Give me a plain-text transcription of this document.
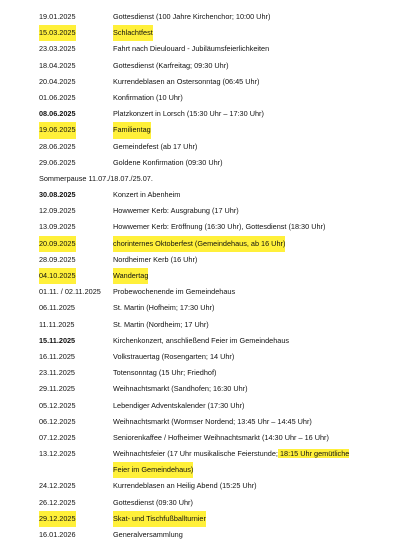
19.01.2025	Gottesdienst (100 Jahre Kirchenchor; 10:00 Uhr)
15.03.2025	Schlachtfest
23.03.2025	Fahrt nach Dieulouard - Jubiläumsfeierlichkeiten
18.04.2025	Gottesdienst (Karfreitag; 09:30 Uhr)
20.04.2025	Kurrendeblasen an Ostersonntag (06:45 Uhr)
01.06.2025	Konfirmation (10 Uhr)
08.06.2025	Platzkonzert in Lorsch (15:30 Uhr – 17:30 Uhr)
19.06.2025	Familientag
28.06.2025	Gemeindefest (ab 17 Uhr)
29.06.2025	Goldene Konfirmation (09:30 Uhr)
Sommerpause 11.07./18.07./25.07.
30.08.2025	Konzert in Abenheim
12.09.2025	Howwemer Kerb: Ausgrabung (17 Uhr)
13.09.2025	Howwemer Kerb: Eröffnung (16:30 Uhr), Gottesdienst (18:30 Uhr)
20.09.2025	chorinternes Oktoberfest (Gemeindehaus, ab 16 Uhr)
28.09.2025	Nordheimer Kerb (16 Uhr)
04.10.2025	Wandertag
01.11. / 02.11.2025 Probewochenende im Gemeindehaus
06.11.2025	St. Martin (Hofheim; 17:30 Uhr)
11.11.2025	St. Martin (Nordheim; 17 Uhr)
15.11.2025	Kirchenkonzert, anschließend Feier im Gemeindehaus
16.11.2025	Volkstrauertag (Rosengarten; 14 Uhr)
23.11.2025	Totensonntag (15 Uhr; Friedhof)
29.11.2025	Weihnachtsmarkt (Sandhofen; 16:30 Uhr)
05.12.2025	Lebendiger Adventskalender (17:30 Uhr)
06.12.2025	Weihnachtsmarkt (Wormser Nordend; 13:45 Uhr – 14:45 Uhr)
07.12.2025	Seniorenkaffee / Hofheimer Weihnachtsmarkt (14:30 Uhr – 16 Uhr)
13.12.2025	Weihnachtsfeier (17 Uhr musikalische Feierstunde; 18:15 Uhr gemütliche
Feier im Gemeindehaus)
24.12.2025	Kurrendeblasen an Heilig Abend (15:25 Uhr)
26.12.2025	Gottesdienst (09:30 Uhr)
29.12.2025	Skat- und Tischfußballturnier
16.01.2026	Generalversammlung
